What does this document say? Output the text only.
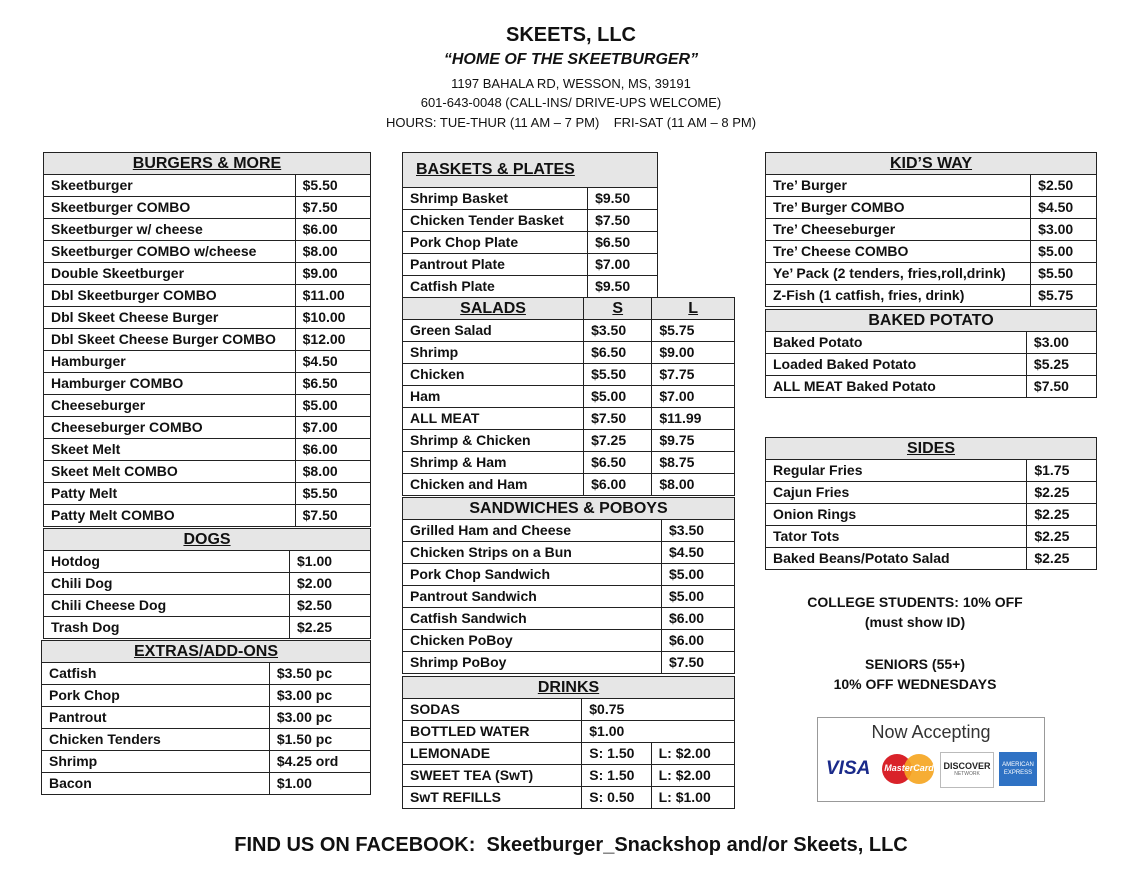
SKEETS, LLC
“HOME OF THE SKEETBURGER”
1197 BAHALA RD, WESSON, MS, 39191
601-643-0048 (CALL-INS/ DRIVE-UPS WELCOME)
HOURS: TUE-THUR (11 AM – 7 PM)    FRI-SAT (11 AM – 8 PM)
BURGERS & MORE	
Skeetburger	$5.50
Skeetburger COMBO	$7.50
Skeetburger w/ cheese	$6.00
Skeetburger COMBO w/cheese	$8.00
Double Skeetburger	$9.00
Dbl Skeetburger COMBO	$11.00
Dbl Skeet Cheese Burger	$10.00
Dbl Skeet Cheese Burger COMBO	$12.00
Hamburger	$4.50
Hamburger COMBO	$6.50
Cheeseburger	$5.00
Cheeseburger COMBO	$7.00
Skeet Melt	$6.00
Skeet Melt COMBO	$8.00
Patty Melt	$5.50
Patty Melt COMBO	$7.50
DOGS	
Hotdog	$1.00
Chili Dog	$2.00
Chili Cheese Dog	$2.50
Trash Dog	$2.25
EXTRAS/ADD-ONS	
Catfish	$3.50 pc
Pork Chop	$3.00 pc
Pantrout	$3.00 pc
Chicken Tenders	$1.50 pc
Shrimp	$4.25 ord
Bacon	$1.00
BASKETS & PLATES	
Shrimp Basket	$9.50
Chicken Tender Basket	$7.50
Pork Chop Plate	$6.50
Pantrout Plate	$7.00
Catfish Plate	$9.50
SALADS	S	L
Green Salad	$3.50	$5.75
Shrimp	$6.50	$9.00
Chicken	$5.50	$7.75
Ham	$5.00	$7.00
ALL MEAT	$7.50	$11.99
Shrimp & Chicken	$7.25	$9.75
Shrimp & Ham	$6.50	$8.75
Chicken and Ham	$6.00	$8.00
SANDWICHES & POBOYS	
Grilled Ham and Cheese	$3.50
Chicken Strips on a Bun	$4.50
Pork Chop Sandwich	$5.00
Pantrout Sandwich	$5.00
Catfish Sandwich	$6.00
Chicken PoBoy	$6.00
Shrimp PoBoy	$7.50
DRINKS		
SODAS	$0.75	
BOTTLED WATER	$1.00	
LEMONADE	S: 1.50	L: $2.00
SWEET TEA (SwT)	S: 1.50	L: $2.00
SwT REFILLS	S: 0.50	L: $1.00
KID’S WAY	
Tre’ Burger	$2.50
Tre’ Burger COMBO	$4.50
Tre’ Cheeseburger	$3.00
Tre’ Cheese COMBO	$5.00
Ye’ Pack (2 tenders, fries,roll,drink)	$5.50
Z-Fish (1 catfish, fries, drink)	$5.75
BAKED POTATO	
Baked Potato	$3.00
Loaded Baked Potato	$5.25
ALL MEAT Baked Potato	$7.50
SIDES	
Regular Fries	$1.75
Cajun Fries	$2.25
Onion Rings	$2.25
Tator Tots	$2.25
Baked Beans/Potato Salad	$2.25
COLLEGE STUDENTS: 10% OFF
(must show ID)
SENIORS (55+)
10% OFF WEDNESDAYS
Now Accepting
VISA	MasterCard	DISCOVER
NETWORK
AMERICAN EXPRESS
FIND US ON FACEBOOK:  Skeetburger_Snackshop and/or Skeets, LLC
